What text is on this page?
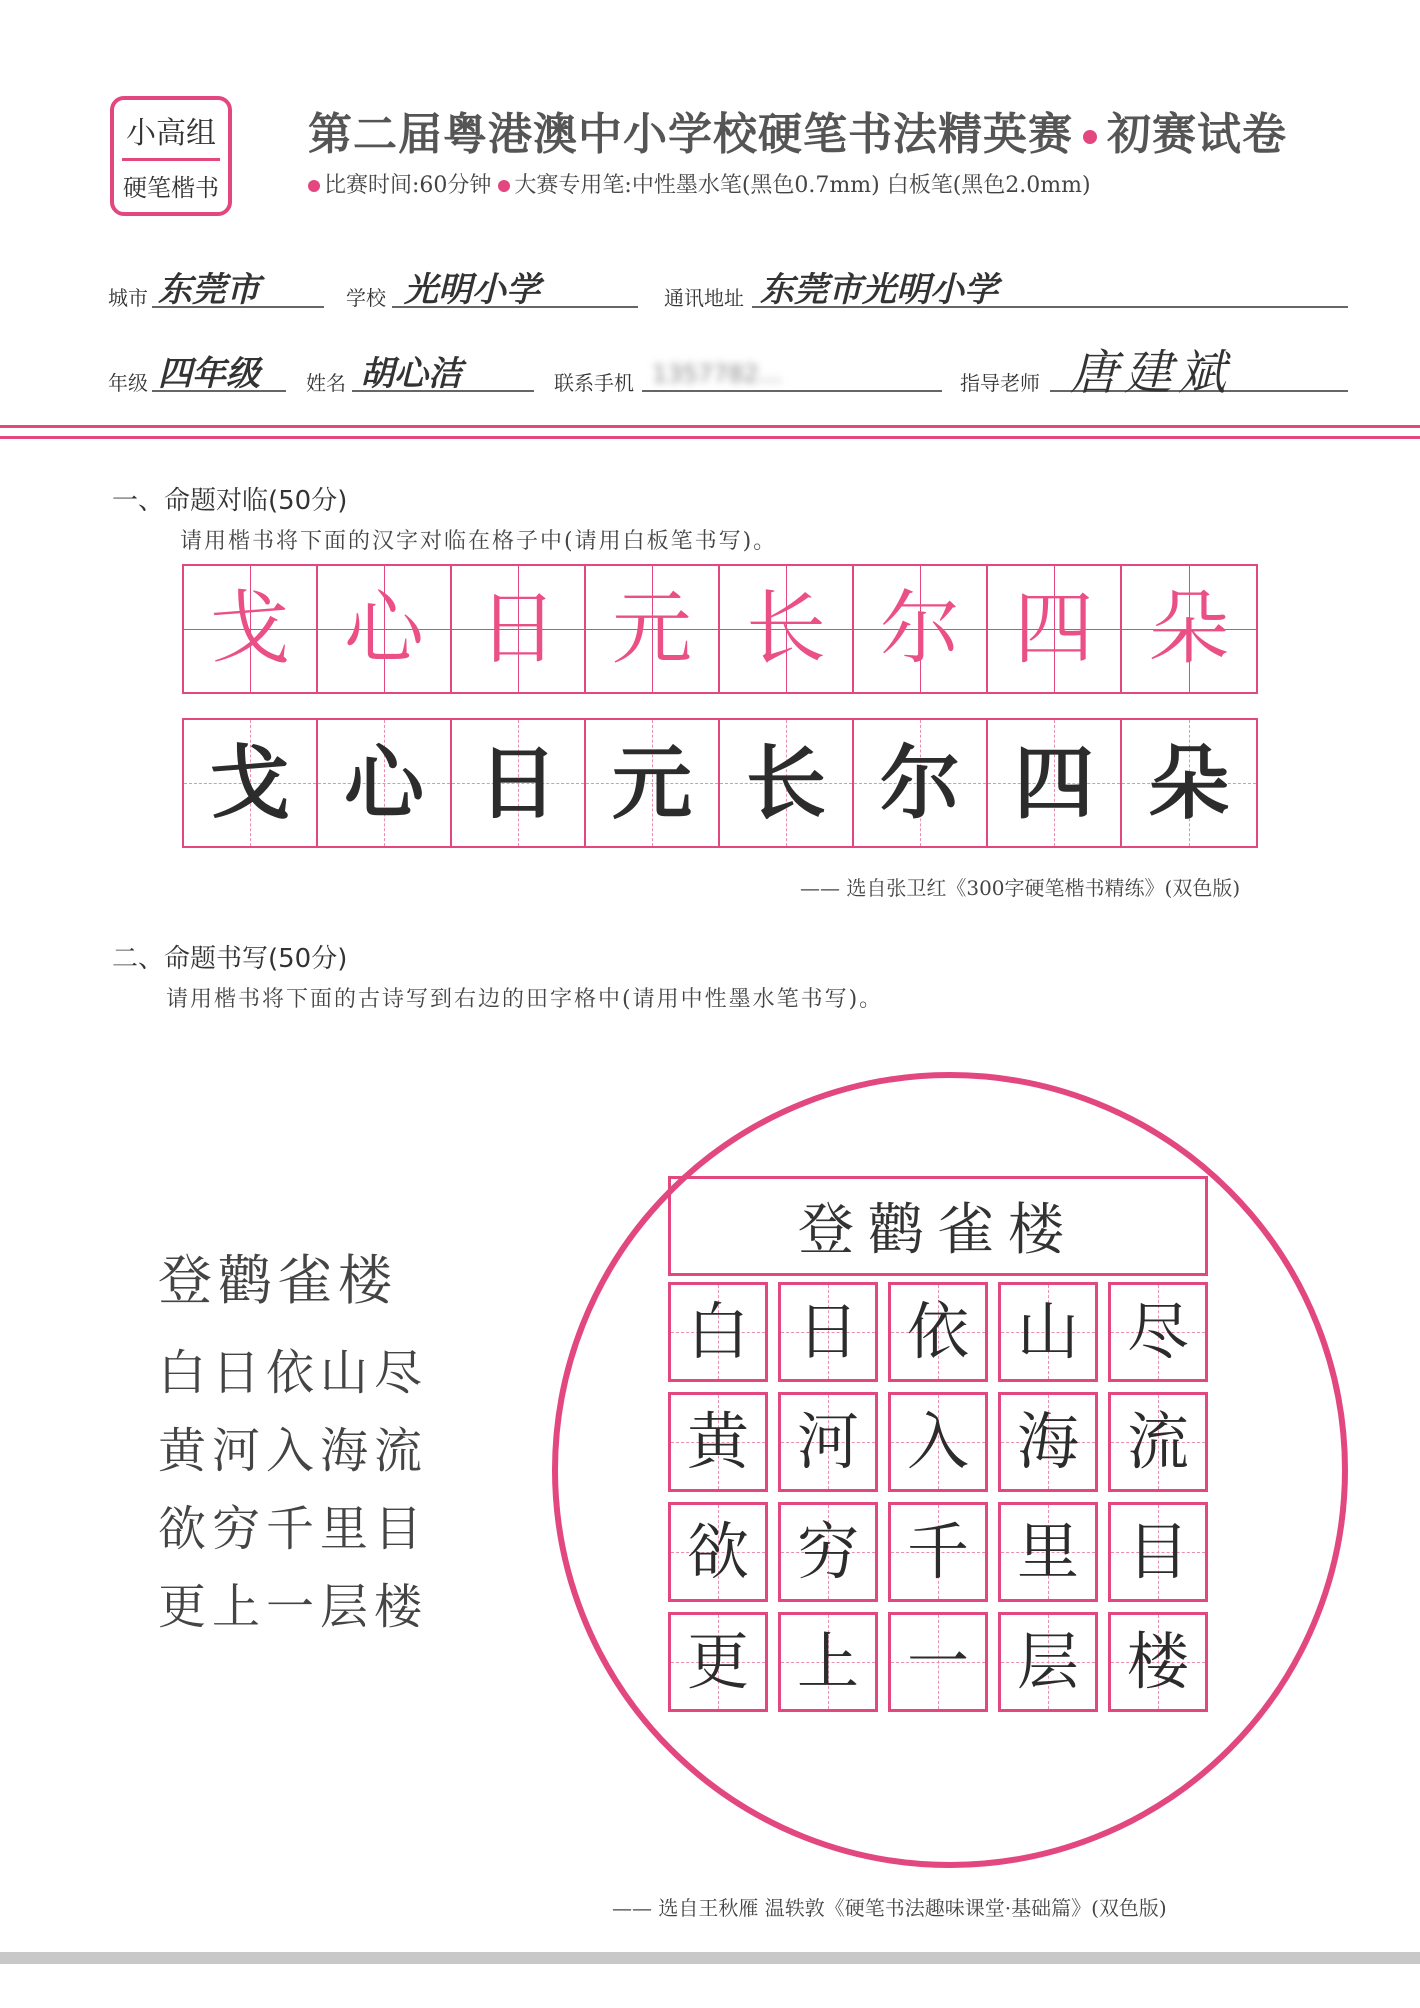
小高组
硬笔楷书
第二届粤港澳中小学校硬笔书法精英赛 初赛试卷
比赛时间:60分钟 大赛专用笔:中性墨水笔(黑色0.7mm) 白板笔(黑色2.0mm)
城市 东莞市	学校 光明小学	通讯地址 东莞市光明小学
年级 四年级 姓名 胡心洁	联系手机 1357782...	指导老师 唐建斌
一、命题对临(50分)
请用楷书将下面的汉字对临在格子中(请用白板笔书写)。
戈 心 日 元 长 尔 四 朵
戈 心 日 元 长 尔 四 朵
—— 选自张卫红《300字硬笔楷书精练》(双色版)
二、命题书写(50分)
请用楷书将下面的古诗写到右边的田字格中(请用中性墨水笔书写)。
登鹳雀楼
白日依山尽
黄河入海流
欲穷千里目
更上一层楼
登鹳雀楼
白 日 依 山 尽
黄 河 入 海 流
欲 穷 千 里 目
更 上 一 层 楼
—— 选自王秋雁 温轶敦《硬笔书法趣味课堂·基础篇》(双色版)
